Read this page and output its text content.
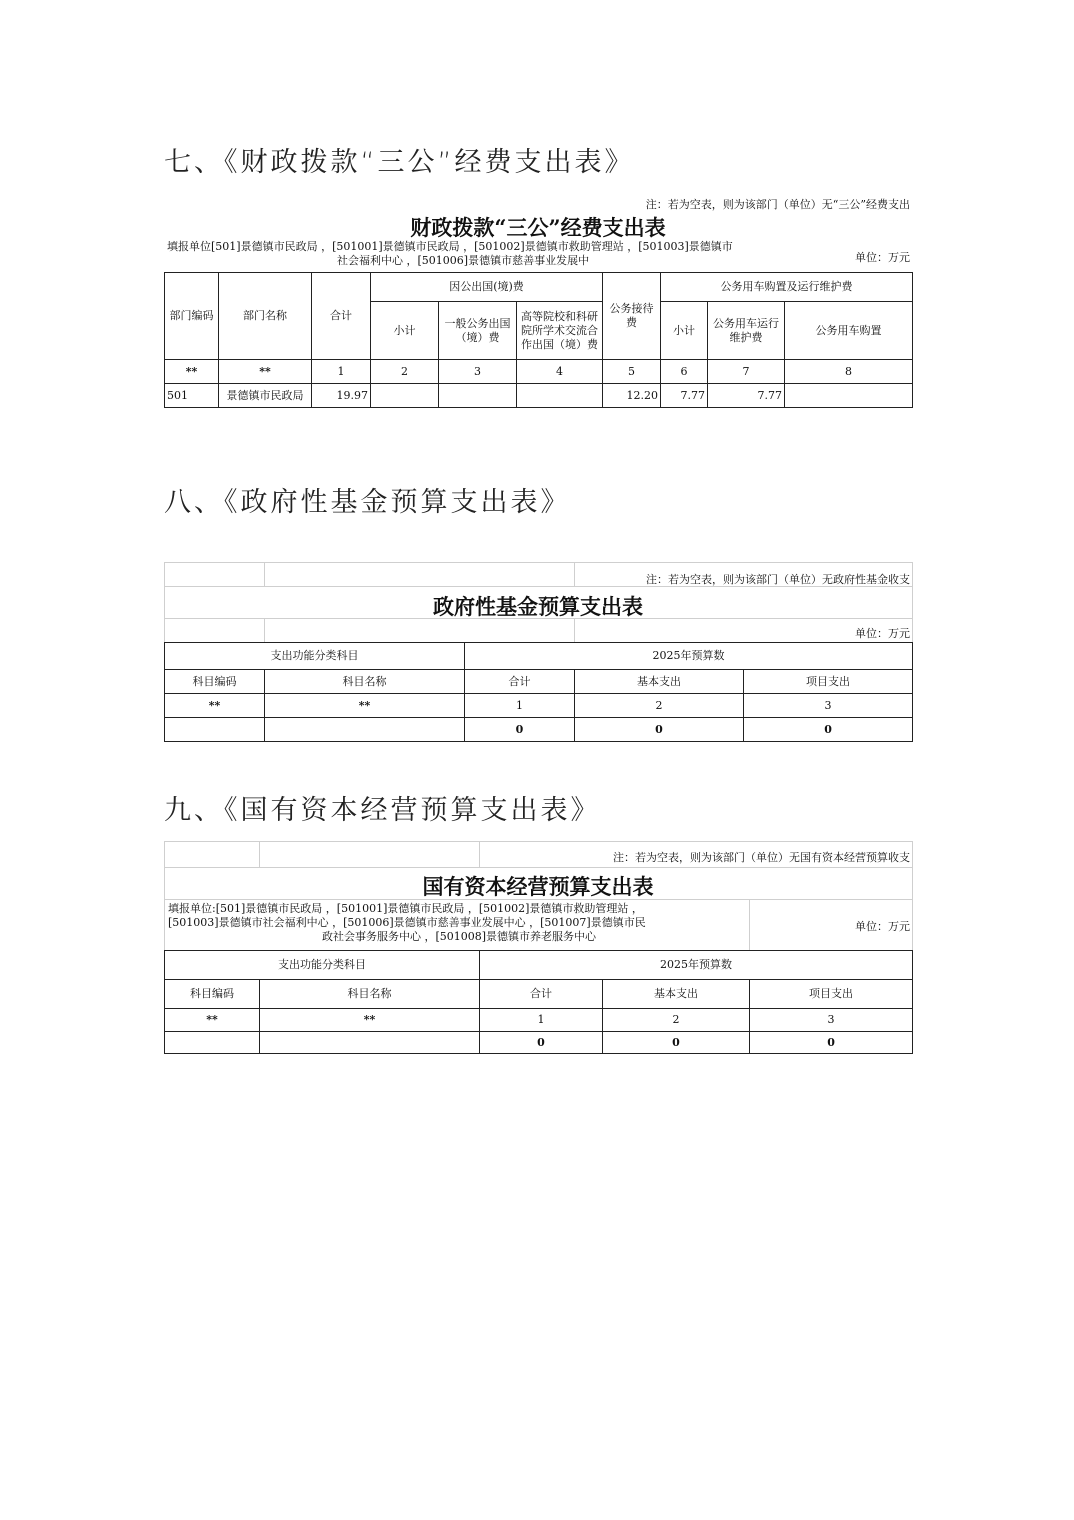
七、《财政拨款“三公”经费支出表》
注：若为空表，则为该部门（单位）无“三公”经费支出
财政拨款“三公”经费支出表
填报单位[501]景德镇市民政局 ，[501001]景德镇市民政局 ，[501002]景德镇市救助管理站 ，[501003]景德镇市
社会福利中心 ，[501006]景德镇市慈善事业发展中	单位：万元
部门编码	部门名称	合计	因公出国(境)费			公务接待费	公务用车购置及运行维护费		
			小计	一般公务出国（境）费	高等院校和科研院所学术交流合作出国（境）费		小计	公务用车运行维护费	公务用车购置
**	**	1	2	3	4	5	6	7	8
501	景德镇市民政局	19.97				12.20	7.77	7.77	
八、《政府性基金预算支出表》

注：若为空表，则为该部门（单位）无政府性基金收支
政府性基金预算支出表
单位：万元
支出功能分类科目		2025年预算数		
科目编码	科目名称	合计	基本支出	项目支出
**	**	1	2	3
		0	0	0
九、《国有资本经营预算支出表》

注：若为空表，则为该部门（单位）无国有资本经营预算收支
国有资本经营预算支出表

填报单位:[501]景德镇市民政局 ，[501001]景德镇市民政局 ，[501002]景德镇市救助管理站 ，
[501003]景德镇市社会福利中心 ，[501006]景德镇市慈善事业发展中心 ，[501007]景德镇市民
政社会事务服务中心 ，[501008]景德镇市养老服务中心
单位：万元
支出功能分类科目		2025年预算数		
科目编码	科目名称	合计	基本支出	项目支出
**	**	1	2	3
		0	0	0
